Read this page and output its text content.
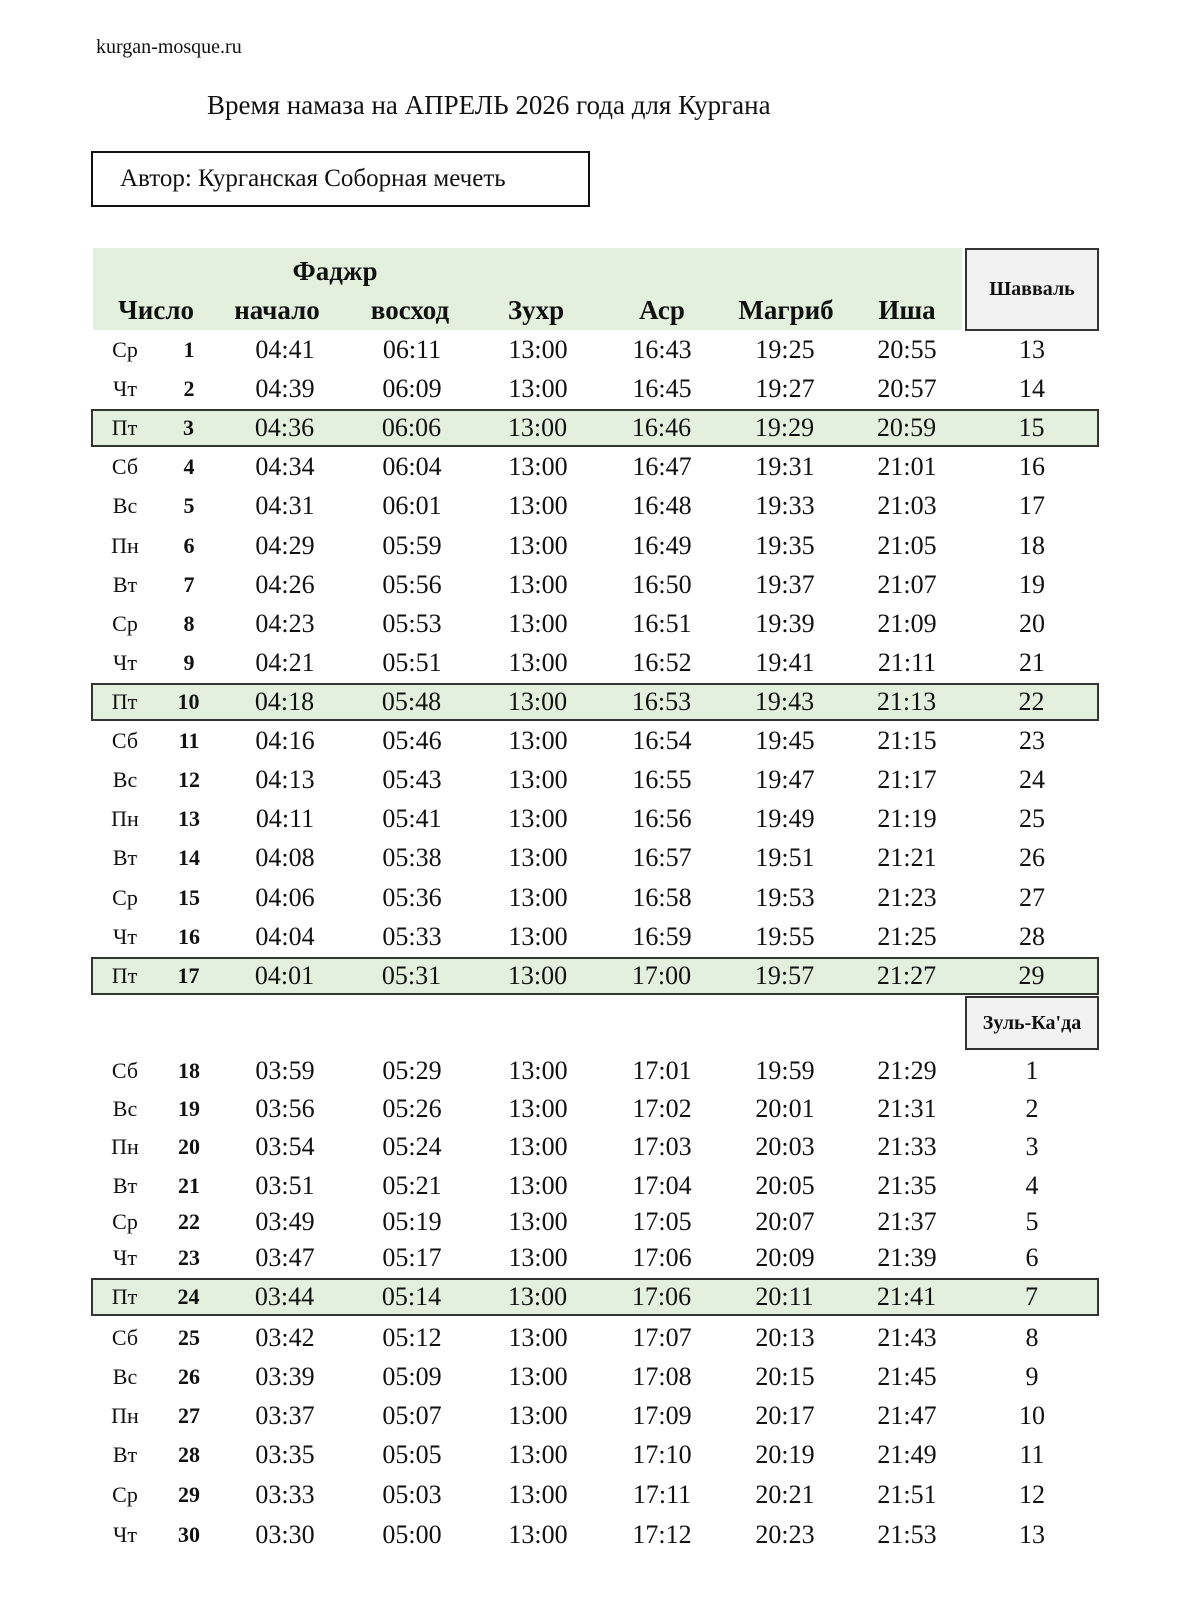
kurgan-mosque.ru
Время намаза на АПРЕЛЬ 2026 года для Кургана
Автор: Курганская Соборная мечеть
Фаджр
Число начало восход Зухр	Аср Магриб Иша
Шавваль
Зуль-Ка'да
Ср 1 04:41	06:11	13:00 16:43 19:25 20:55	13
Чт 2 04:39	06:09	13:00 16:45 19:27 20:57	14
Пт 3 04:36	06:06	13:00 16:46 19:29 20:59	15
Сб 4 04:34	06:04	13:00 16:47 19:31 21:01	16
Вс 5 04:31	06:01	13:00 16:48 19:33 21:03	17
Пн 6 04:29	05:59	13:00 16:49 19:35 21:05	18
Вт 7 04:26	05:56	13:00 16:50 19:37 21:07	19
Ср 8 04:23	05:53	13:00 16:51 19:39 21:09	20
Чт 9 04:21	05:51	13:00 16:52 19:41 21:11	21
Пт 10 04:18	05:48	13:00 16:53 19:43 21:13	22
Сб 11 04:16	05:46	13:00 16:54 19:45 21:15	23
Вс 12 04:13	05:43	13:00 16:55 19:47 21:17	24
Пн 13 04:11	05:41	13:00 16:56 19:49 21:19	25
Вт 14 04:08	05:38	13:00 16:57 19:51 21:21	26
Ср 15 04:06	05:36	13:00 16:58 19:53 21:23	27
Чт 16 04:04	05:33	13:00 16:59 19:55 21:25	28
Пт 17 04:01	05:31	13:00 17:00 19:57 21:27	29
Сб 18 03:59	05:29	13:00 17:01 19:59 21:29	1
Вс 19 03:56	05:26	13:00 17:02 20:01 21:31	2
Пн 20 03:54	05:24	13:00 17:03 20:03 21:33	3
Вт 21 03:51	05:21	13:00 17:04 20:05 21:35	4
Ср 22 03:49	05:19	13:00 17:05 20:07 21:37	5
Чт 23 03:47	05:17	13:00 17:06 20:09 21:39	6
Пт 24 03:44	05:14	13:00 17:06 20:11 21:41	7
Сб 25 03:42	05:12	13:00 17:07 20:13 21:43	8
Вс 26 03:39	05:09	13:00 17:08 20:15 21:45	9
Пн 27 03:37	05:07	13:00 17:09 20:17 21:47	10
Вт 28 03:35	05:05	13:00 17:10 20:19 21:49	11
Ср 29 03:33	05:03	13:00	17:11 20:21 21:51	12
Чт 30 03:30	05:00	13:00 17:12 20:23 21:53	13
